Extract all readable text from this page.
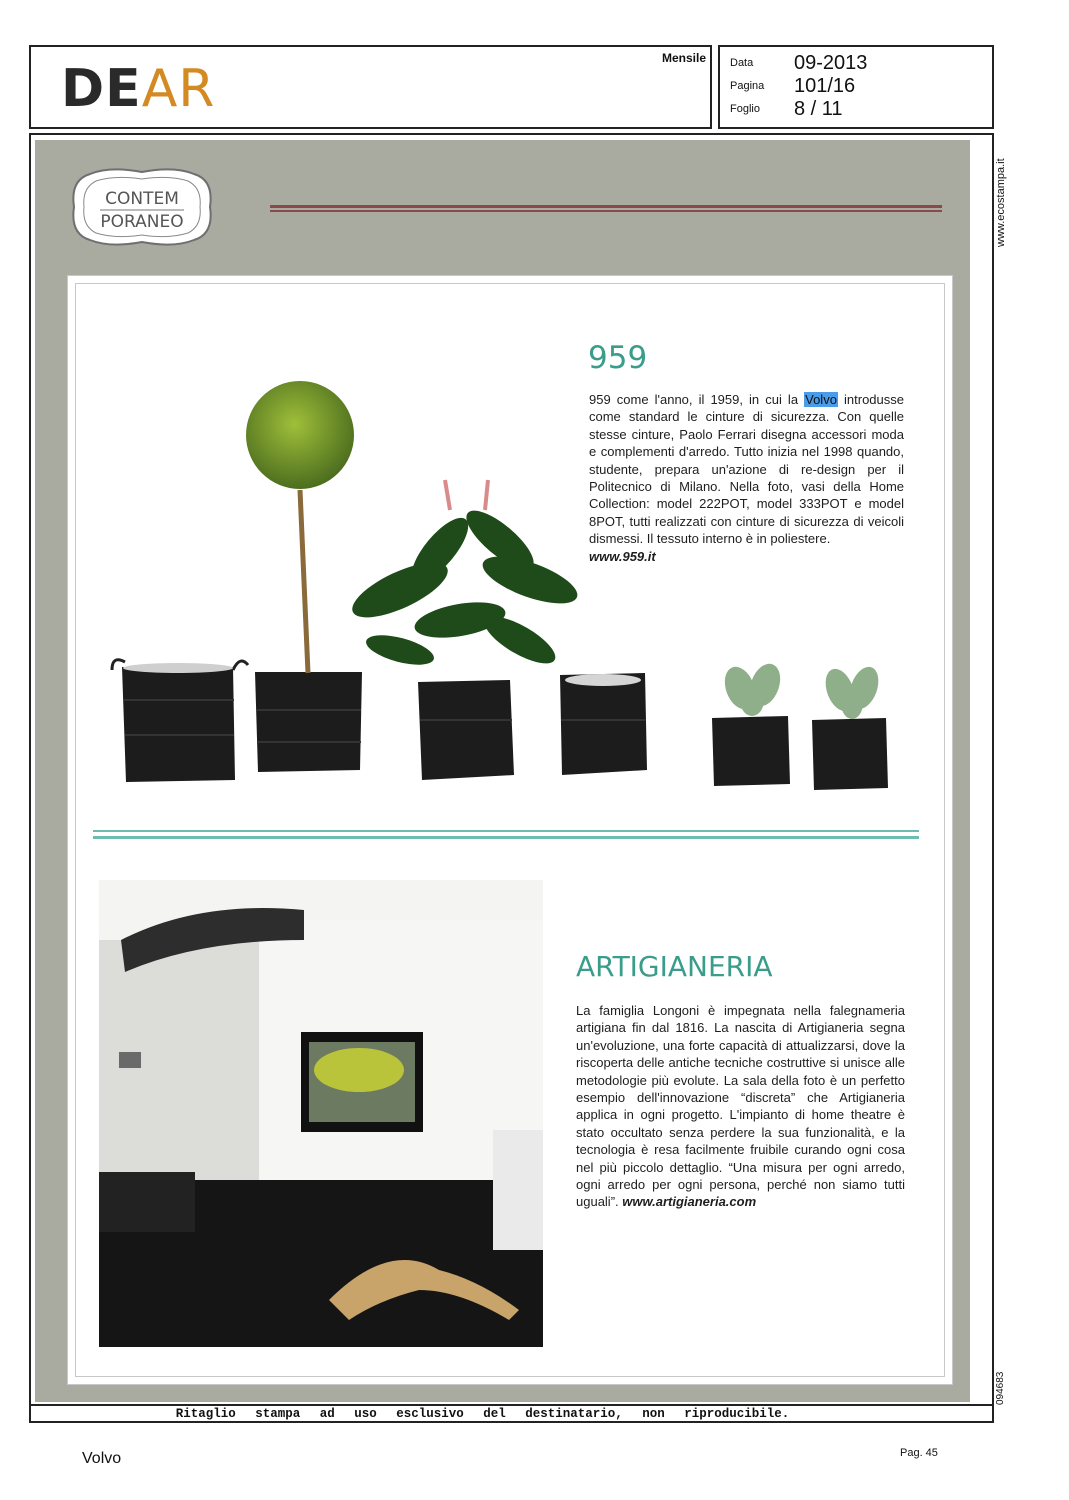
DEAR
Mensile Data 09-2013
Pagina 101/16
Foglio 8 / 11
CONTEM
PORANEO
959
959 come l'anno, il 1959, in cui la Volvo introdusse come standard le cinture di sicurezza. Con quelle stesse cinture, Paolo Ferrari disegna accessori moda e complementi d'arredo. Tutto inizia nel 1998 quando, studente, prepara un'azione di re-design per il Politecnico di Milano. Nella foto, vasi della Home Collection: model 222POT, model 333POT e model 8POT, tutti realizzati con cinture di sicurezza di veicoli dismessi. Il tessuto interno è in poliestere.
www.959.it
ARTIGIANERIA
La famiglia Longoni è impegnata nella falegnameria artigiana fin dal 1816. La nascita di Artigianeria segna un'evoluzione, una forte capacità di attualizzarsi, dove la riscoperta delle antiche tecniche costruttive si unisce alle metodologie più evolute. La sala della foto è un perfetto esempio dell'innovazione “discreta” che Artigianeria applica in ogni progetto. L'impianto di home theatre è stato occultato senza perdere la sua funzionalità, e la tecnologia è resa facilmente fruibile curando ogni cosa nel più piccolo dettaglio. “Una misura per ogni arredo, ogni arredo per ogni persona, perché non siamo tutti uguali”. www.artigianeria.com
Ritaglio stampa ad uso esclusivo del destinatario, non riproducibile.
www.ecostampa.it
094683
Volvo	Pag. 45
